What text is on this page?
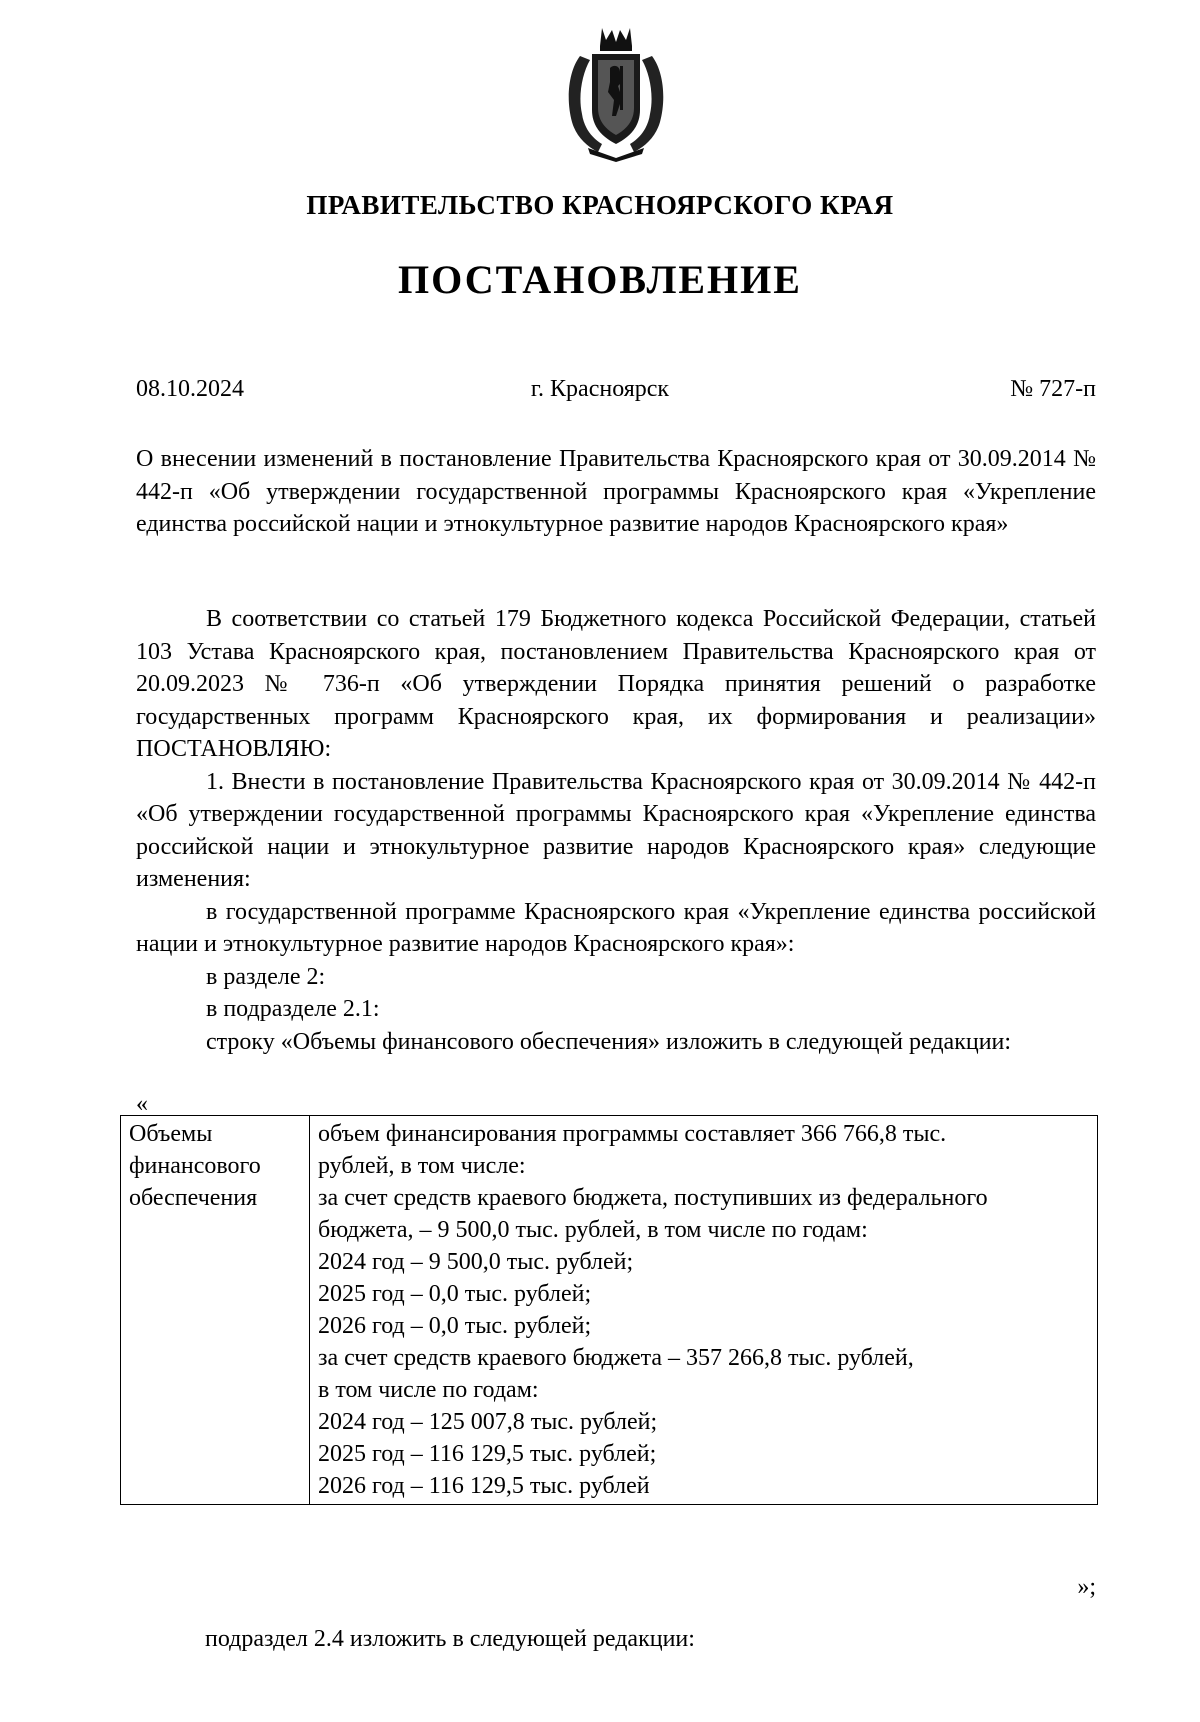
ПРАВИТЕЛЬСТВО КРАСНОЯРСКОГО КРАЯ
ПОСТАНОВЛЕНИЕ
08.10.2024	г. Красноярск	№ 727-п
О внесении изменений в постановление Правительства Красноярского края от 30.09.2014 № 442-п «Об утверждении государственной программы Красноярского края «Укрепление единства российской нации и этнокультурное развитие народов Красноярского края»

В соответствии со статьей 179 Бюджетного кодекса Российской Федерации, статьей 103 Устава Красноярского края, постановлением Правительства Красноярского края от 20.09.2023 № 736-п «Об утверждении Порядка принятия решений о разработке государственных программ Красноярского края, их формирования и реализации» ПОСТАНОВЛЯЮ:

1. Внести в постановление Правительства Красноярского края от 30.09.2014 № 442-п «Об утверждении государственной программы Красноярского края «Укрепление единства российской нации и этнокультурное развитие народов Красноярского края» следующие изменения:

в государственной программе Красноярского края «Укрепление единства российской нации и этнокультурное развитие народов Красноярского края»:

в разделе 2:

в подразделе 2.1:

строку «Объемы финансового обеспечения» изложить в следующей редакции:

«
Объемы
финансового
обеспечения

объем финансирования программы составляет 366 766,8 тыс.
рублей, в том числе:
за счет средств краевого бюджета, поступивших из федерального
бюджета, – 9 500,0 тыс. рублей, в том числе по годам:
2024 год – 9 500,0 тыс. рублей;
2025 год – 0,0 тыс. рублей;
2026 год – 0,0 тыс. рублей;
за счет средств краевого бюджета – 357 266,8 тыс. рублей,
в том числе по годам:
2024 год – 125 007,8 тыс. рублей;
2025 год – 116 129,5 тыс. рублей;
2026 год – 116 129,5 тыс. рублей
»;
подраздел 2.4 изложить в следующей редакции:
